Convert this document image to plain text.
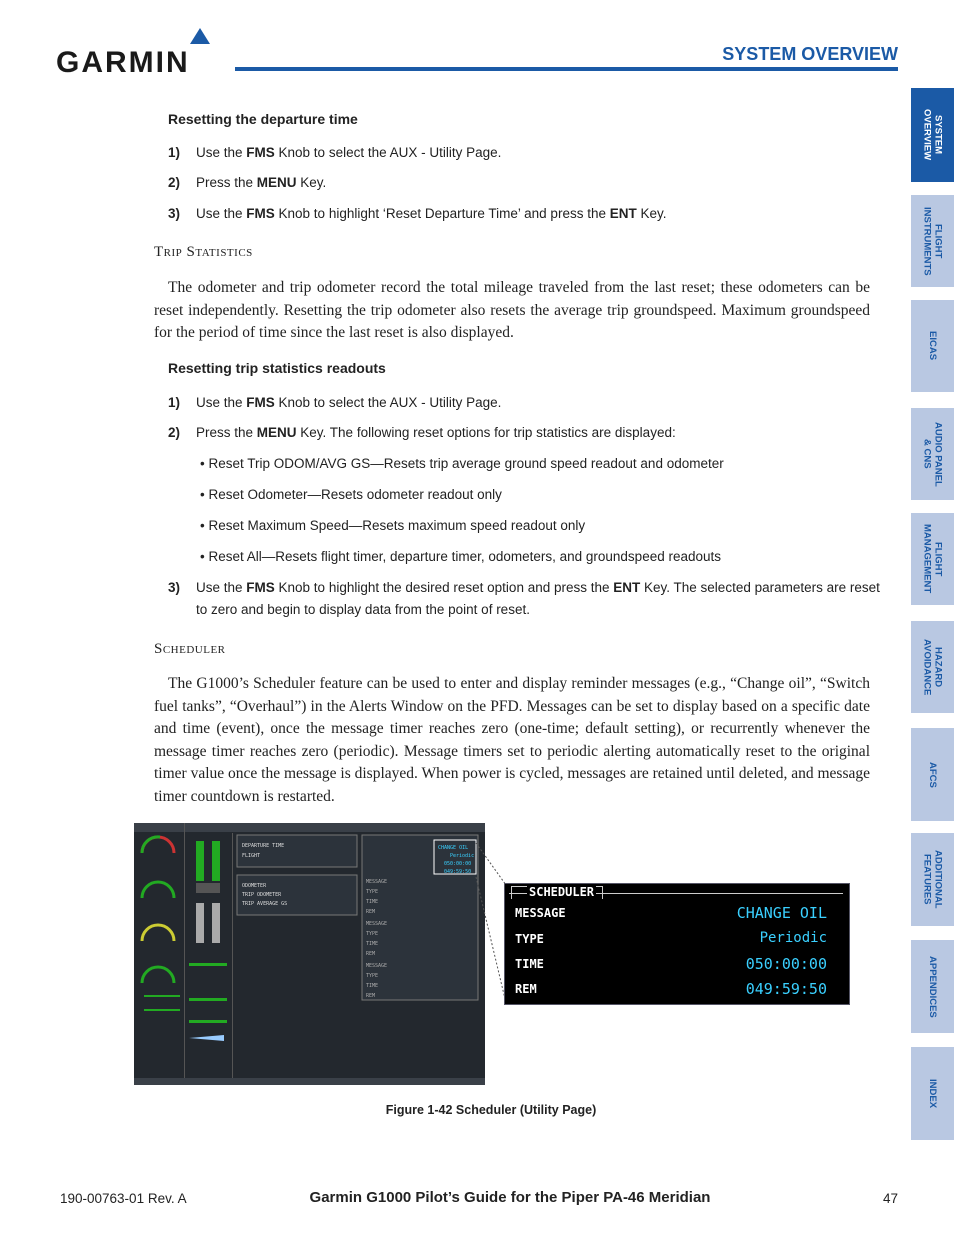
GARMIN	SYSTEM OVERVIEW
SYSTEM
OVERVIEW
FLIGHT
INSTRUMENTS
EICAS
AUDIO PANEL
& CNS
FLIGHT
MANAGEMENT
HAZARD
AVOIDANCE
AFCS
ADDITIONAL
FEATURES
APPENDICES
INDEX
Resetting the departure time
1) Use the FMS Knob to select the AUX - Utility Page.
2) Press the MENU Key.
3) Use the FMS Knob to highlight ‘Reset Departure Time’ and press the ENT Key.
Trip Statistics
The odometer and trip odometer record the total mileage traveled from the last reset; these odometers can be reset independently. Resetting the trip odometer also resets the average trip groundspeed. Maximum groundspeed for the period of time since the last reset is also displayed.
Resetting trip statistics readouts
1) Use the FMS Knob to select the AUX - Utility Page.
2) Press the MENU Key. The following reset options for trip statistics are displayed:
• Reset Trip ODOM/AVG GS—Resets trip average ground speed readout and odometer
• Reset Odometer—Resets odometer readout only
• Reset Maximum Speed—Resets maximum speed readout only
• Reset All—Resets flight timer, departure timer, odometers, and groundspeed readouts
3) Use the FMS Knob to highlight the desired reset option and press the ENT Key. The selected parameters are reset
to zero and begin to display data from the point of reset.
Scheduler
The G1000’s Scheduler feature can be used to enter and display reminder messages (e.g., “Change oil”, “Switch fuel tanks”, “Overhaul”) in the Alerts Window on the PFD. Messages can be set to display based on a specific date and time (event), once the message timer reaches zero (one-time; default setting), or recurrently whenever the message timer reaches zero (periodic). Message timers set to periodic alerting automatically reset to the original timer value once the message is displayed. When power is cycled, messages are retained until deleted, and message timer countdown is restarted.
DEPARTURE TIME
FLIGHT
ODOMETER
TRIP ODOMETER
TRIP AVERAGE GS
CHANGE OIL
Periodic
050:00:00
049:59:50
MESSAGE
TYPE
TIME
REM
MESSAGE
TYPE
TIME
REM
MESSAGE
TYPE
TIME
REM
SCHEDULER
MESSAGE	CHANGE OIL
TYPE	Periodic
TIME	050:00:00
REM	049:59:50
Figure 1-42 Scheduler (Utility Page)
190-00763-01 Rev. A	Garmin G1000 Pilot’s Guide for the Piper PA-46 Meridian	47
